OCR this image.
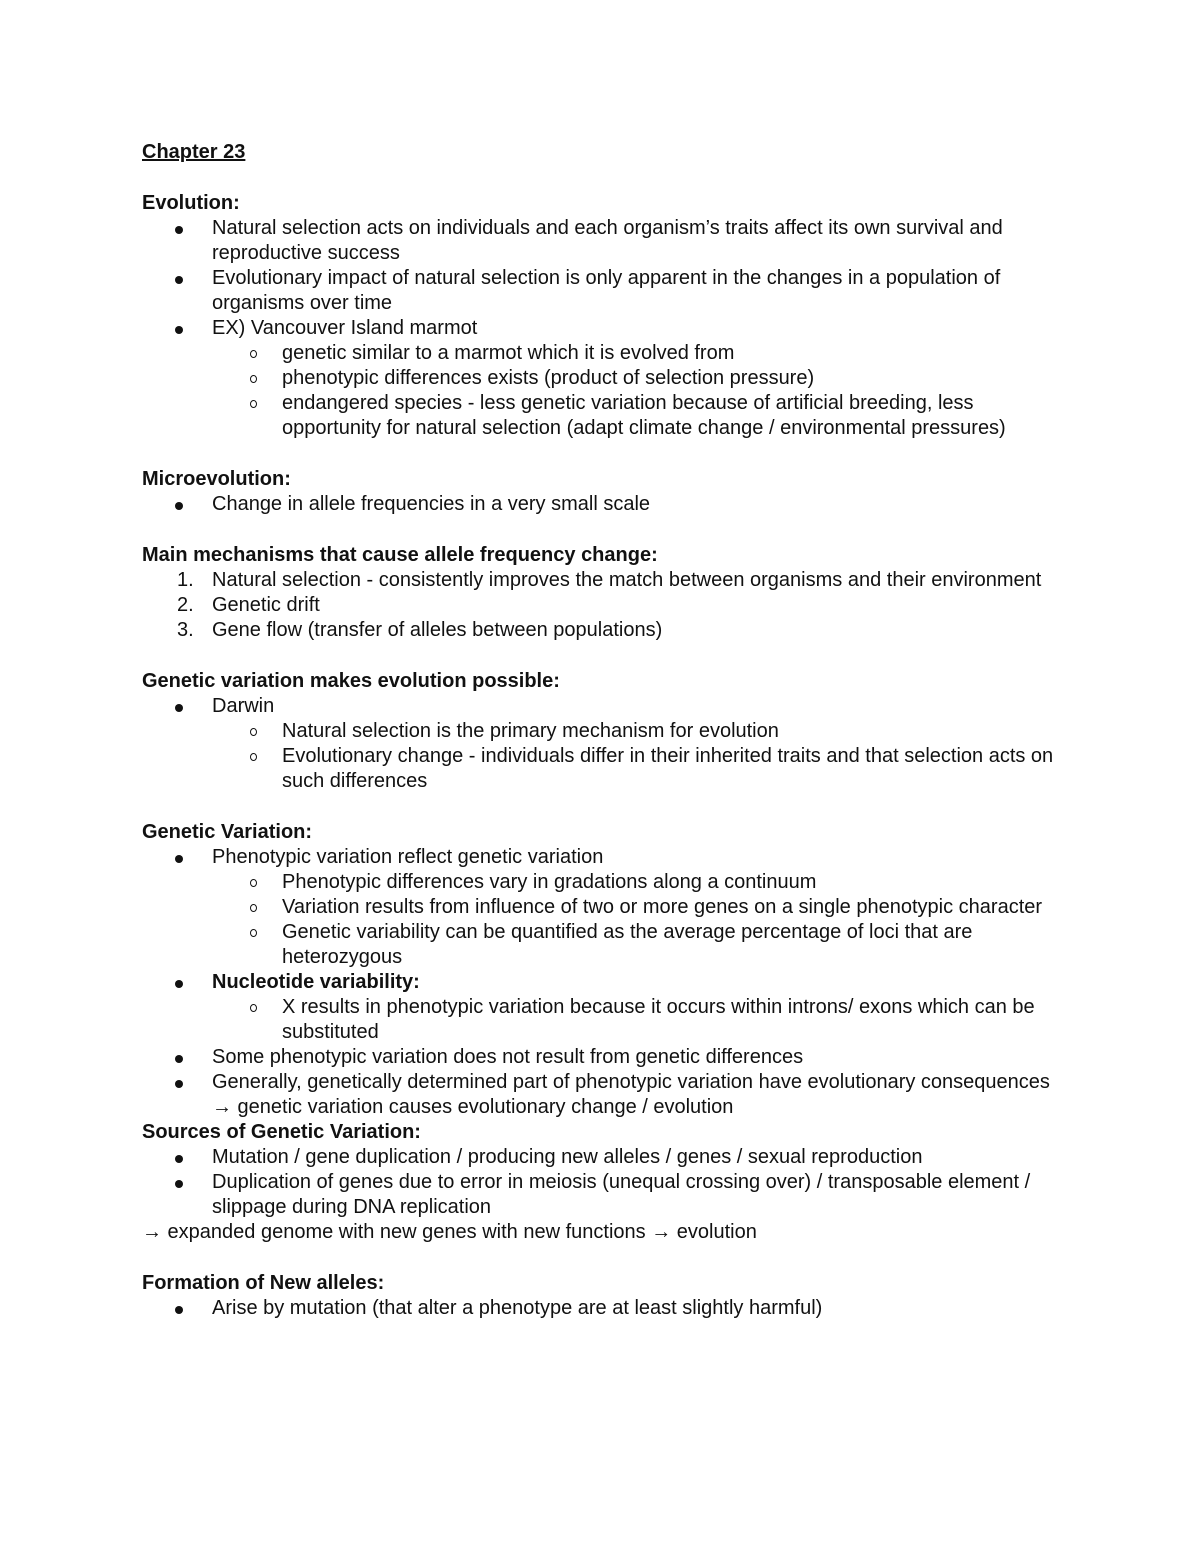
Chapter 23

Evolution:

Natural selection acts on individuals and each organism’s traits affect its own survival and reproductive success
Evolutionary impact of natural selection is only apparent in the changes in a population of organisms over time
EX) Vancouver Island marmot
genetic similar to a marmot which it is evolved from
phenotypic differences exists (product of selection pressure)
endangered species - less genetic variation because of artificial breeding, less opportunity for natural selection (adapt climate change / environmental pressures)

Microevolution:

Change in allele frequencies in a very small scale

Main mechanisms that cause allele frequency change:

1. Natural selection - consistently improves the match between organisms and their environment
2. Genetic drift
3. Gene flow (transfer of alleles between populations)

Genetic variation makes evolution possible:

Darwin
Natural selection is the primary mechanism for evolution
Evolutionary change - individuals differ in their inherited traits and that selection acts on such differences

Genetic Variation:

Phenotypic variation reflect genetic variation
Phenotypic differences vary in gradations along a continuum
Variation results from influence of two or more genes on a single phenotypic character
Genetic variability can be quantified as the average percentage of loci that are heterozygous
Nucleotide variability:
X results in phenotypic variation because it occurs within introns/ exons which can be substituted
Some phenotypic variation does not result from genetic differences
Generally, genetically determined part of phenotypic variation have evolutionary consequences → genetic variation causes evolutionary change / evolution

Sources of Genetic Variation:

Mutation / gene duplication / producing new alleles / genes / sexual reproduction
Duplication of genes due to error in meiosis (unequal crossing over) / transposable element / slippage during DNA replication

→ expanded genome with new genes with new functions → evolution

Formation of New alleles:

Arise by mutation (that alter a phenotype are at least slightly harmful)
